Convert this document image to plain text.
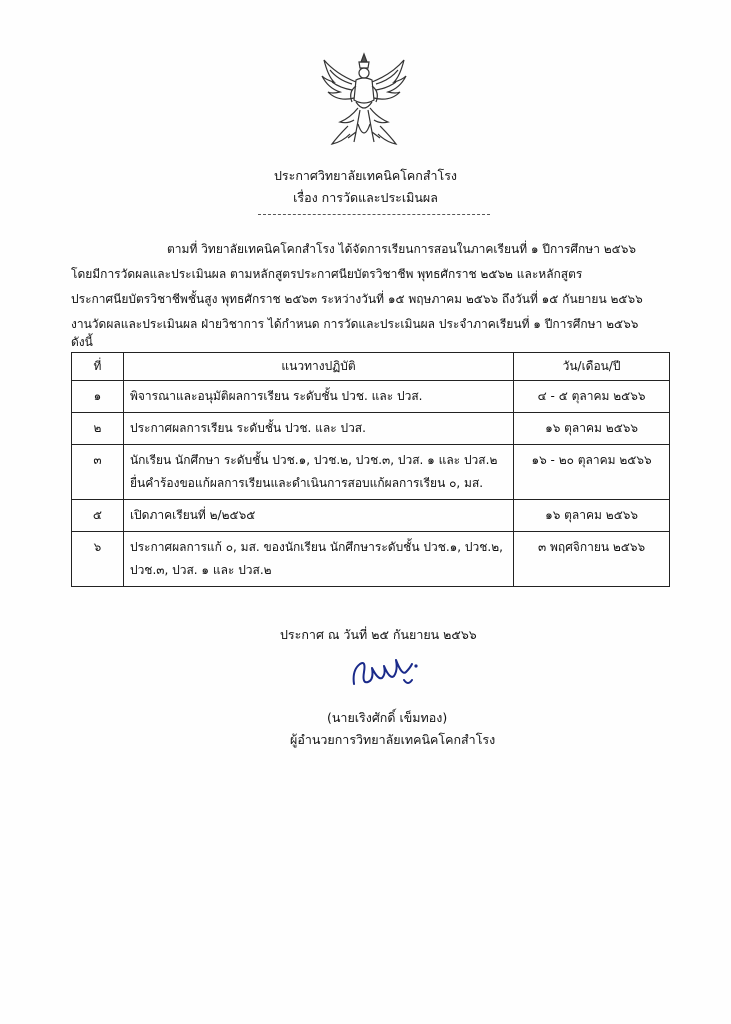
ประกาศวิทยาลัยเทคนิคโคกสำโรง
เรื่อง การวัดและประเมินผล
ตามที่ วิทยาลัยเทคนิคโคกสำโรง ได้จัดการเรียนการสอนในภาคเรียนที่ ๑ ปีการศึกษา ๒๕๖๖
โดยมีการวัดผลและประเมินผล ตามหลักสูตรประกาศนียบัตรวิชาชีพ พุทธศักราช ๒๕๖๒ และหลักสูตร
ประกาศนียบัตรวิชาชีพชั้นสูง พุทธศักราช ๒๕๖๓ ระหว่างวันที่ ๑๕ พฤษภาคม ๒๕๖๖ ถึงวันที่ ๑๕ กันยายน ๒๕๖๖
งานวัดผลและประเมินผล ฝ่ายวิชาการ ได้กำหนด การวัดและประเมินผล ประจำภาคเรียนที่ ๑ ปีการศึกษา ๒๕๖๖
ดังนี้
ที่	แนวทางปฏิบัติ	วัน/เดือน/ปี
๑	พิจารณาและอนุมัติผลการเรียน ระดับชั้น ปวช. และ ปวส.	๔ - ๕ ตุลาคม ๒๕๖๖
๒	ประกาศผลการเรียน ระดับชั้น ปวช. และ ปวส.	๑๖ ตุลาคม ๒๕๖๖
๓	นักเรียน นักศึกษา ระดับชั้น ปวช.๑, ปวช.๒, ปวช.๓, ปวส. ๑ และ ปวส.๒ ยื่นคำร้องขอแก้ผลการเรียนและดำเนินการสอบแก้ผลการเรียน ๐, มส.	๑๖ - ๒๐ ตุลาคม ๒๕๖๖
๕	เปิดภาคเรียนที่ ๒/๒๕๖๕	๑๖ ตุลาคม ๒๕๖๖
๖	ประกาศผลการแก้ ๐, มส. ของนักเรียน นักศึกษาระดับชั้น ปวช.๑, ปวช.๒, ปวช.๓, ปวส. ๑ และ ปวส.๒	๓ พฤศจิกายน ๒๕๖๖
ประกาศ ณ วันที่ ๒๕ กันยายน ๒๕๖๖
(นายเริงศักดิ์ เข็มทอง)
ผู้อำนวยการวิทยาลัยเทคนิคโคกสำโรง
